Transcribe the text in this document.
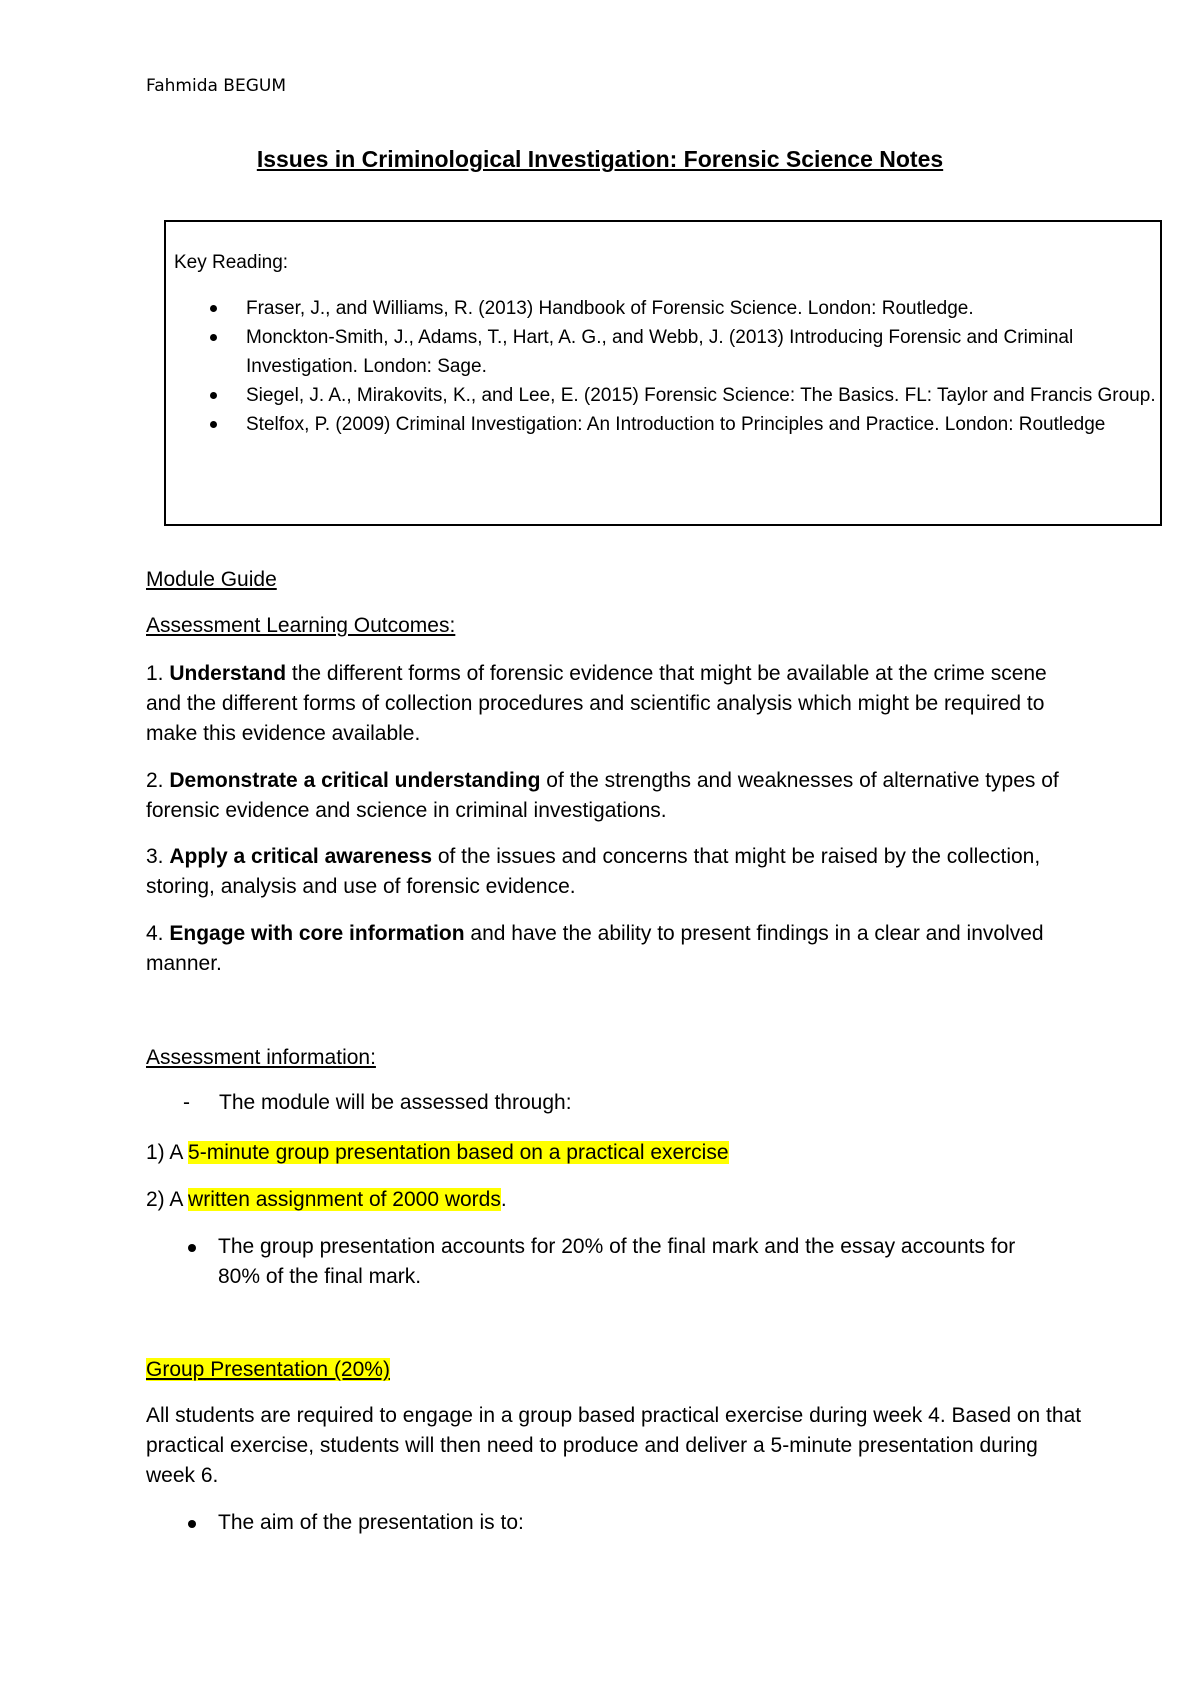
Fahmida BEGUM
Issues in Criminological Investigation: Forensic Science Notes
Key Reading:
Fraser, J., and Williams, R. (2013) Handbook of Forensic Science. London: Routledge.
Monckton-Smith, J., Adams, T., Hart, A. G., and Webb, J. (2013) Introducing Forensic and Criminal Investigation. London: Sage.
Siegel, J. A., Mirakovits, K., and Lee, E. (2015) Forensic Science: The Basics. FL: Taylor and Francis Group.
Stelfox, P. (2009) Criminal Investigation: An Introduction to Principles and Practice. London: Routledge
Module Guide
Assessment Learning Outcomes:
1. Understand the different forms of forensic evidence that might be available at the crime scene and the different forms of collection procedures and scientific analysis which might be required to make this evidence available.
2. Demonstrate a critical understanding of the strengths and weaknesses of alternative types of forensic evidence and science in criminal investigations.
3. Apply a critical awareness of the issues and concerns that might be raised by the collection, storing, analysis and use of forensic evidence.
4. Engage with core information and have the ability to present findings in a clear and involved manner.
Assessment information:
- The module will be assessed through:
1) A 5-minute group presentation based on a practical exercise
2) A written assignment of 2000 words.
The group presentation accounts for 20% of the final mark and the essay accounts for 80% of the final mark.
Group Presentation (20%)
All students are required to engage in a group based practical exercise during week 4. Based on that practical exercise, students will then need to produce and deliver a 5-minute presentation during week 6.
The aim of the presentation is to:
